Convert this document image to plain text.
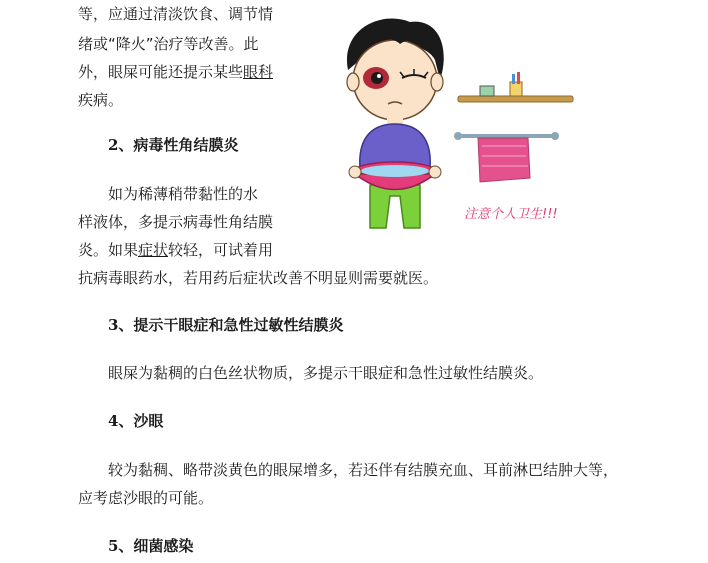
等，应通过清淡饮食、调节情
绪或“降火”治疗等改善。此
外，眼屎可能还提示某些眼科
疾病。
2、病毒性角结膜炎
如为稀薄稍带黏性的水
样液体，多提示病毒性角结膜
炎。如果症状较轻，可试着用
抗病毒眼药水，若用药后症状改善不明显则需要就医。
3、提示干眼症和急性过敏性结膜炎
眼屎为黏稠的白色丝状物质，多提示干眼症和急性过敏性结膜炎。
4、沙眼
较为黏稠、略带淡黄色的眼屎增多，若还伴有结膜充血、耳前淋巴结肿大等，
应考虑沙眼的可能。
5、细菌感染
注意个人卫生!!!
